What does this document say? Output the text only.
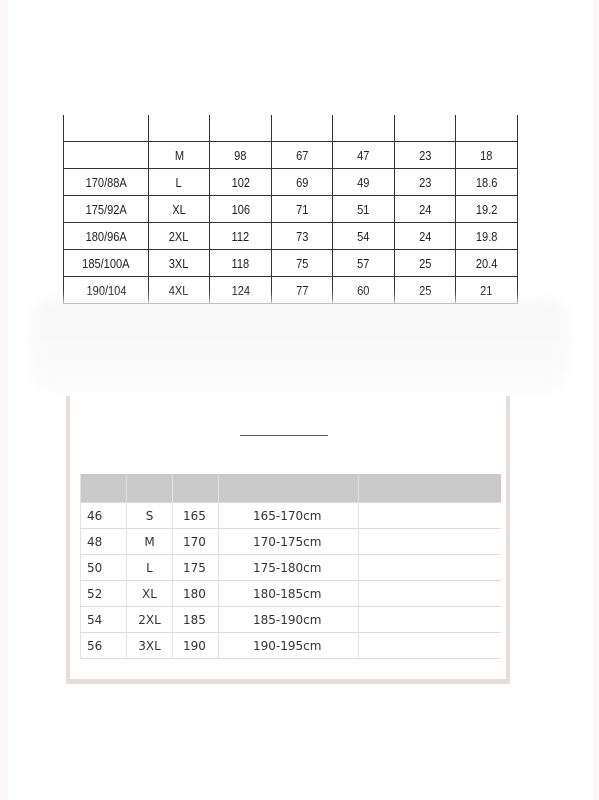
	M	98	67	47	23	18
170/88A	L	102	69	49	23	18.6
175/92A	XL	106	71	51	24	19.2
180/96A	2XL	112	73	54	24	19.8
185/100A	3XL	118	75	57	25	20.4
190/104	4XL	124	77	60	25	21

46	S	165	165-170cm	
48	M	170	170-175cm	
50	L	175	175-180cm	
52	XL	180	180-185cm	
54	2XL	185	185-190cm	
56	3XL	190	190-195cm	
